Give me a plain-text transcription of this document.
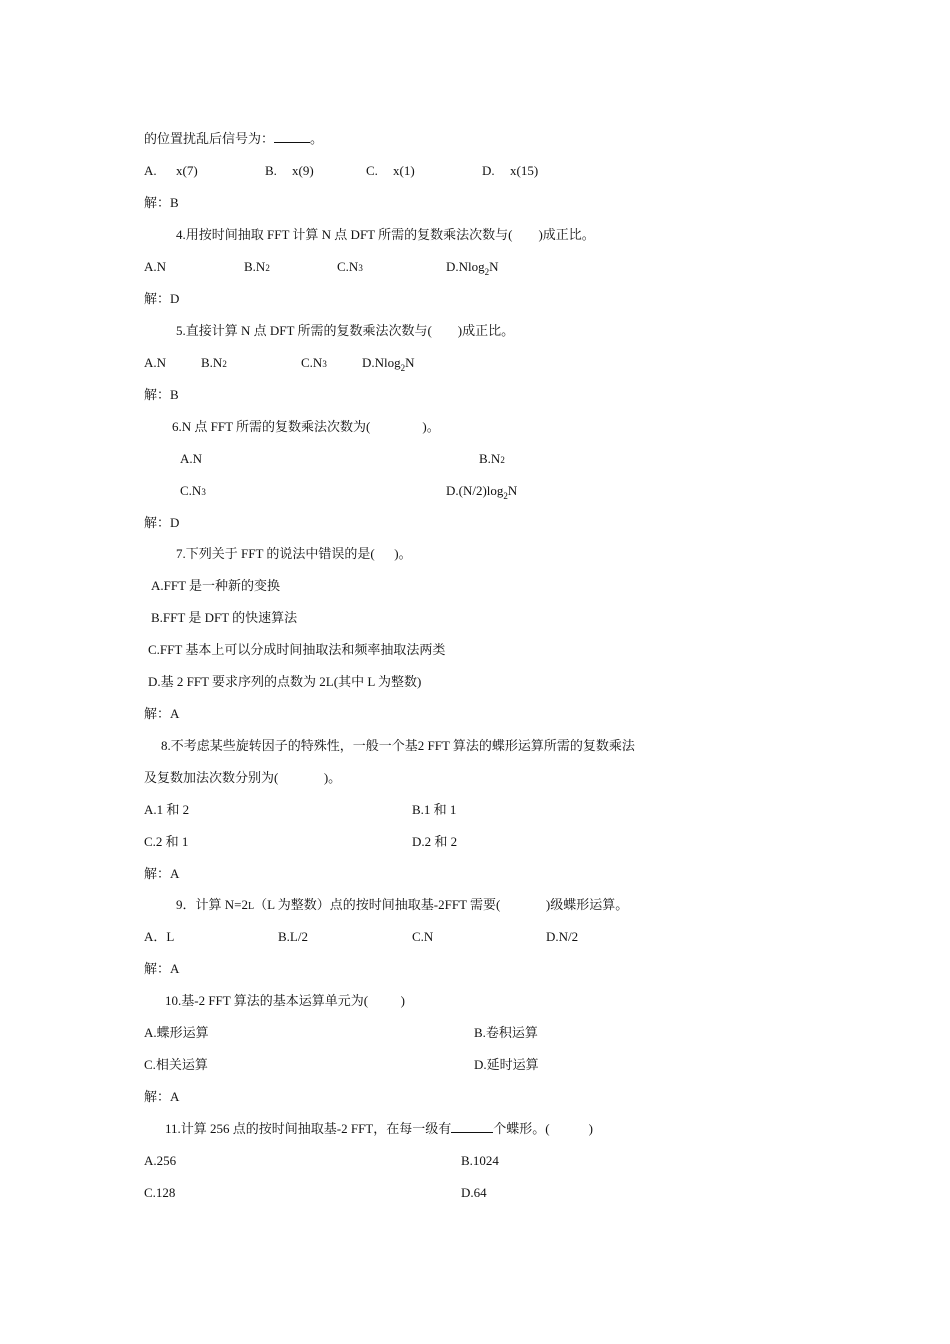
的位置扰乱后信号为：	。
A. x(7)	B. x(9)	C. x(1)	D. x(15)
解：B
4.用按时间抽取 FFT 计算 N 点 DFT 所需的复数乘法次数与(        )成正比。
A.N	B.N2	C.N3	D.Nlog$_2$N
解：D
5.直接计算 N 点 DFT 所需的复数乘法次数与(        )成正比。
A.N	B.N2	C.N3	D.Nlog$_2$N
解：B
6.N 点 FFT 所需的复数乘法次数为(                )。
A.N	B.N2
C.N3	$D.(N/2)\log_2N$
解：D
7.下列关于 FFT 的说法中错误的是(      )。
A.FFT 是一种新的变换
B.FFT 是 DFT 的快速算法
C.FFT 基本上可以分成时间抽取法和频率抽取法两类
D.基 2 FFT 要求序列的点数为 2L(其中 L 为整数)
解：A
8.不考虑某些旋转因子的特殊性，一般一个基2 FFT 算法的蝶形运算所需的复数乘法
及复数加法次数分别为(              )。
A.1 和 2	B.1 和 1
C.2 和 1	D.2 和 2
解：A
9．计算 N=2L（L 为整数）点的按时间抽取基-2FFT 需要(              )级蝶形运算。
A．L	B.L/2	C.N	D.N/2
解：A
10.基-2 FFT 算法的基本运算单元为(          )
A.蝶形运算	B.卷积运算
C.相关运算	D.延时运算
解：A
11.计算 256 点的按时间抽取基-2 FFT，在每一级有	个蝶形。(            )
A.256	B.1024
C.128	D.64
